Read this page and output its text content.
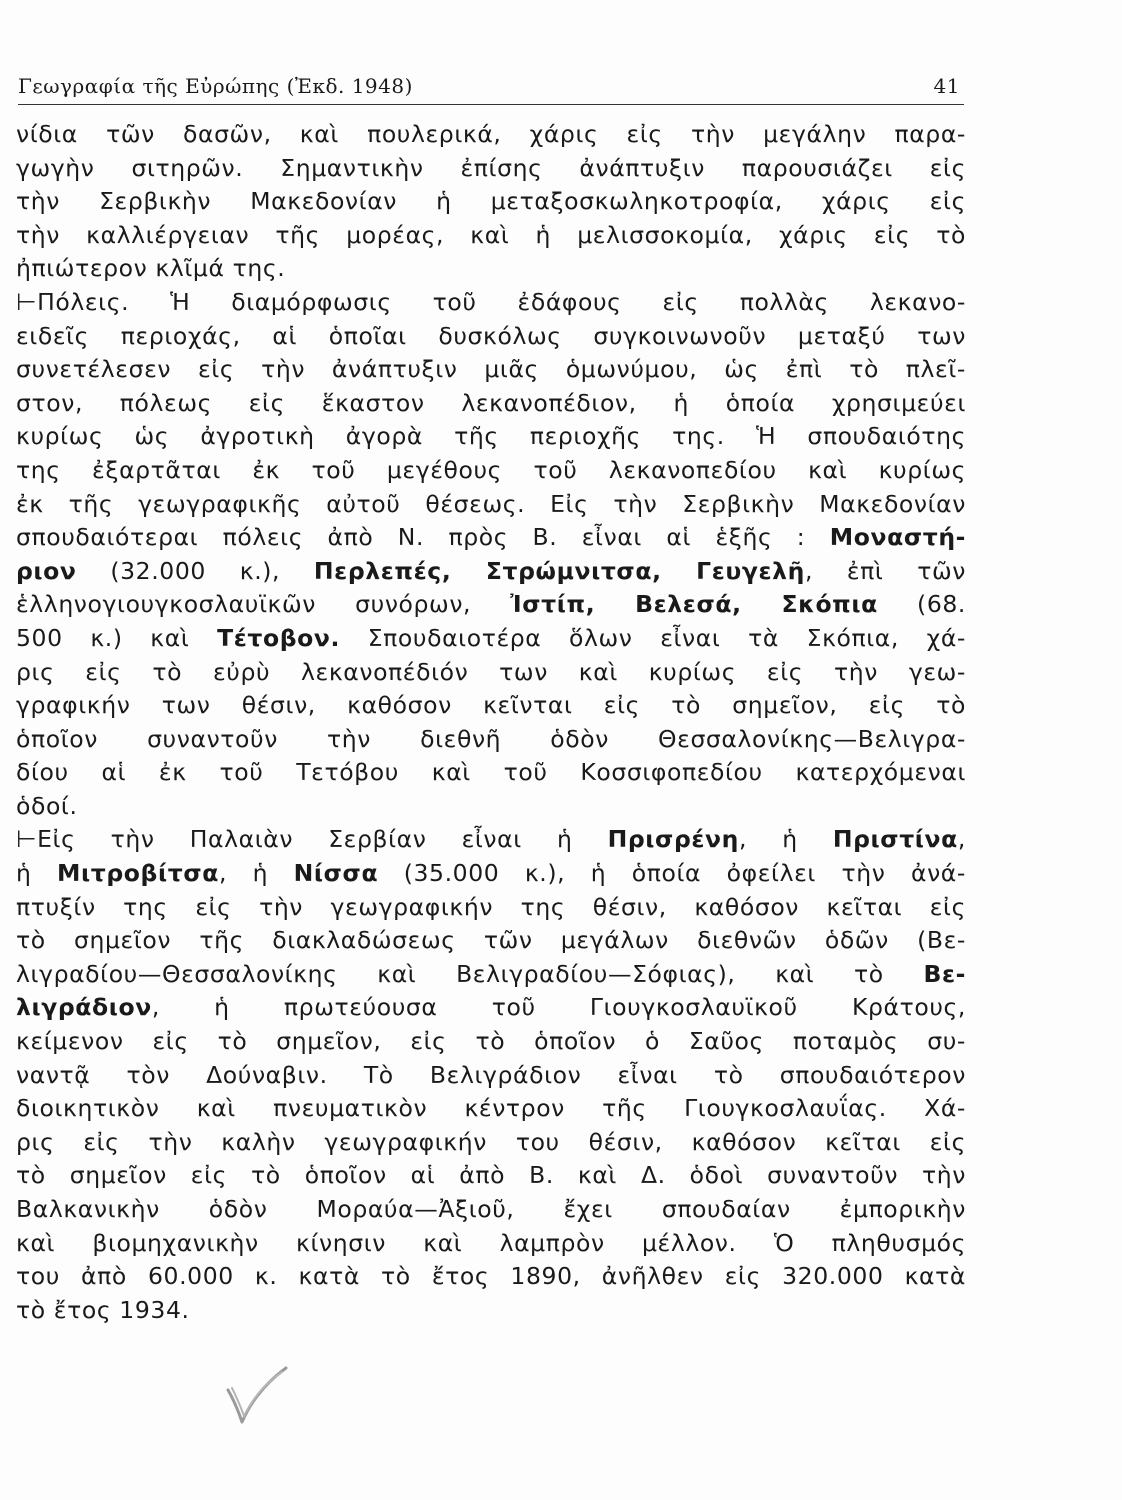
Γεωγραφία τῆς Εὐρώπης (Ἐκδ. 1948)	41
νίδια τῶν δασῶν, καὶ πουλερικά, χάρις εἰς τὴν μεγάλην παρα-
γωγὴν σιτηρῶν. Σημαντικὴν ἐπίσης ἀνάπτυξιν παρουσιάζει εἰς
τὴν Σερβικὴν Μακεδονίαν ἡ μεταξοσκωληκοτροφία, χάρις εἰς
τὴν καλλιέργειαν τῆς μορέας, καὶ ἡ μελισσοκομία, χάρις εἰς τὸ
ἠπιώτερον κλῖμά της.
⊢Πόλεις. Ἡ διαμόρφωσις τοῦ ἐδάφους εἰς πολλὰς λεκανο-
ειδεῖς περιοχάς, αἱ ὁποῖαι δυσκόλως συγκοινωνοῦν μεταξύ των
συνετέλεσεν εἰς τὴν ἀνάπτυξιν μιᾶς ὁμωνύμου, ὡς ἐπὶ τὸ πλεῖ-
στον, πόλεως εἰς ἕκαστον λεκανοπέδιον, ἡ ὁποία χρησιμεύει
κυρίως ὡς ἀγροτικὴ ἀγορὰ τῆς περιοχῆς της. Ἡ σπουδαιότης
της ἐξαρτᾶται ἐκ τοῦ μεγέθους τοῦ λεκανοπεδίου καὶ κυρίως
ἐκ τῆς γεωγραφικῆς αὐτοῦ θέσεως. Εἰς τὴν Σερβικὴν Μακεδονίαν
σπουδαιότεραι πόλεις ἀπὸ Ν. πρὸς Β. εἶναι αἱ ἑξῆς : Μοναστή-
ριον (32.000 κ.), Περλεπές, Στρώμνιτσα, Γευγελῆ, ἐπὶ τῶν
ἑλληνογιουγκοσλαυϊκῶν συνόρων, Ἰστίπ, Βελεσά, Σκόπια (68.
500 κ.) καὶ Τέτοβον. Σπουδαιοτέρα ὅλων εἶναι τὰ Σκόπια, χά-
ρις εἰς τὸ εὐρὺ λεκανοπέδιόν των καὶ κυρίως εἰς τὴν γεω-
γραφικήν των θέσιν, καθόσον κεῖνται εἰς τὸ σημεῖον, εἰς τὸ
ὁποῖον συναντοῦν τὴν διεθνῆ ὁδὸν Θεσσαλονίκης—Βελιγρα-
δίου αἱ ἐκ τοῦ Τετόβου καὶ τοῦ Κοσσιφοπεδίου κατερχόμεναι
ὁδοί.
⊢Εἰς τὴν Παλαιὰν Σερβίαν εἶναι ἡ Πρισρένη, ἡ Πριστίνα,
ἡ Μιτροβίτσα, ἡ Νίσσα (35.000 κ.), ἡ ὁποία ὀφείλει τὴν ἀνά-
πτυξίν της εἰς τὴν γεωγραφικήν της θέσιν, καθόσον κεῖται εἰς
τὸ σημεῖον τῆς διακλαδώσεως τῶν μεγάλων διεθνῶν ὁδῶν (Βε-
λιγραδίου—Θεσσαλονίκης καὶ Βελιγραδίου—Σόφιας), καὶ τὸ Βε-
λιγράδιον, ἡ πρωτεύουσα τοῦ Γιουγκοσλαυϊκοῦ Κράτους,
κείμενον εἰς τὸ σημεῖον, εἰς τὸ ὁποῖον ὁ Σαῦος ποταμὸς συ-
ναντᾷ τὸν Δούναβιν. Τὸ Βελιγράδιον εἶναι τὸ σπουδαιότερον
διοικητικὸν καὶ πνευματικὸν κέντρον τῆς Γιουγκοσλαυΐας. Χά-
ρις εἰς τὴν καλὴν γεωγραφικήν του θέσιν, καθόσον κεῖται εἰς
τὸ σημεῖον εἰς τὸ ὁποῖον αἱ ἀπὸ Β. καὶ Δ. ὁδοὶ συναντοῦν τὴν
Βαλκανικὴν ὁδὸν Μοραύα—Ἀξιοῦ, ἔχει σπουδαίαν ἐμπορικὴν
καὶ βιομηχανικὴν κίνησιν καὶ λαμπρὸν μέλλον. Ὁ πληθυσμός
του ἀπὸ 60.000 κ. κατὰ τὸ ἔτος 1890, ἀνῆλθεν εἰς 320.000 κατὰ
τὸ ἔτος 1934.
